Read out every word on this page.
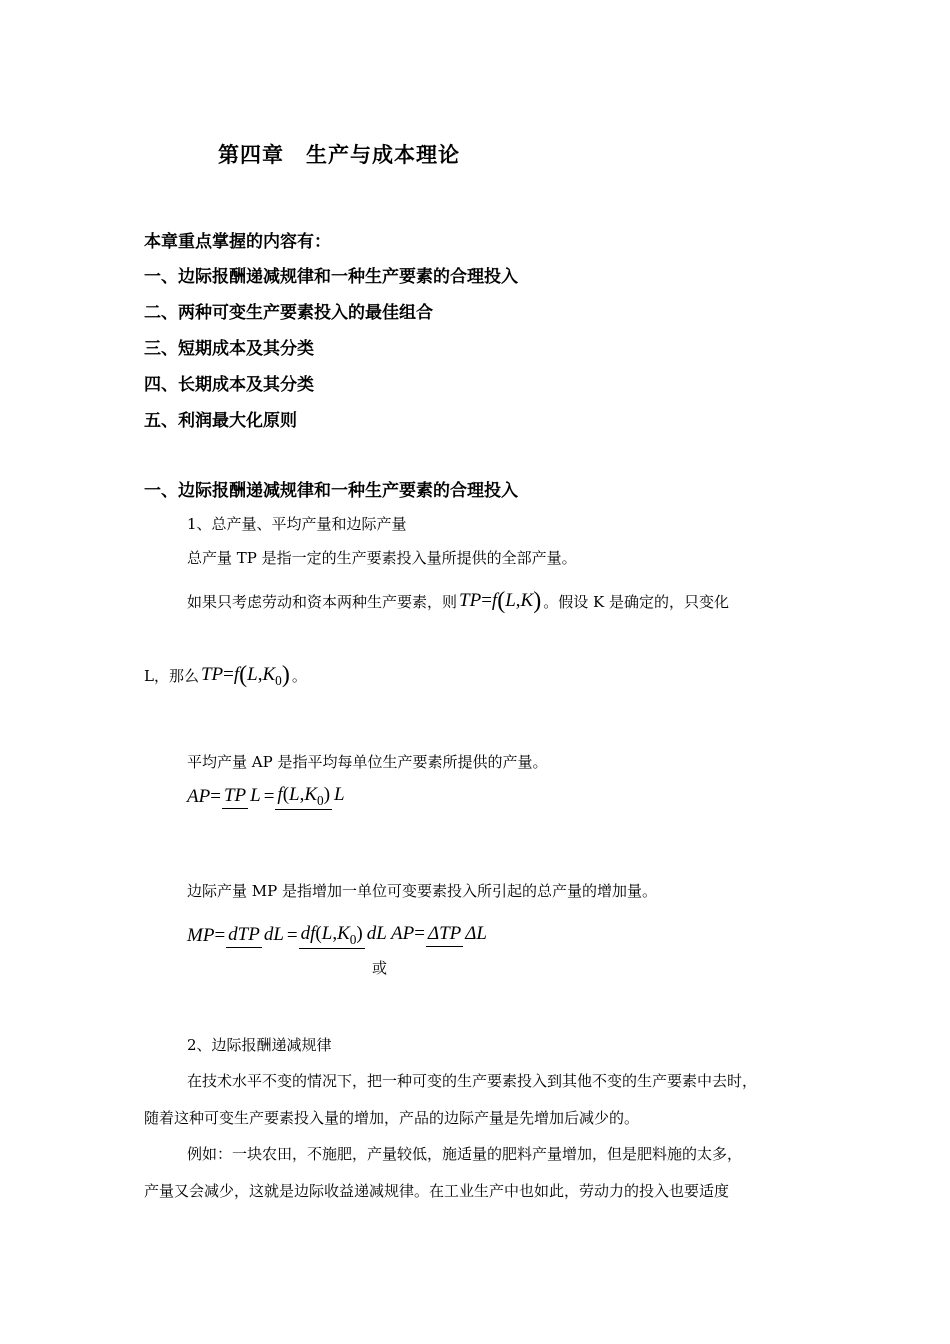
第四章　生产与成本理论
本章重点掌握的内容有：
一、边际报酬递减规律和一种生产要素的合理投入
二、两种可变生产要素投入的最佳组合
三、短期成本及其分类
四、长期成本及其分类
五、利润最大化原则
一、边际报酬递减规律和一种生产要素的合理投入
1、总产量、平均产量和边际产量
总产量 TP 是指一定的生产要素投入量所提供的全部产量。
如果只考虑劳动和资本两种生产要素，则 TP=f(L,K) 。假设 K 是确定的，只变化
L，那么 $TP=f(L,K_0)$ 。
平均产量 AP 是指平均每单位生产要素所提供的产量。
AP = TP $L = f(L,K_0)$ L
边际产量 MP 是指增加一单位可变要素投入所引起的总产量的增加量。
MP = dTP dL = $df(L,K_0)$ dL
或
AP = ΔTP ΔL
2、边际报酬递减规律
在技术水平不变的情况下，把一种可变的生产要素投入到其他不变的生产要素中去时，
随着这种可变生产要素投入量的增加，产品的边际产量是先增加后减少的。
例如：一块农田，不施肥，产量较低，施适量的肥料产量增加，但是肥料施的太多，
产量又会减少，这就是边际收益递减规律。在工业生产中也如此，劳动力的投入也要适度
